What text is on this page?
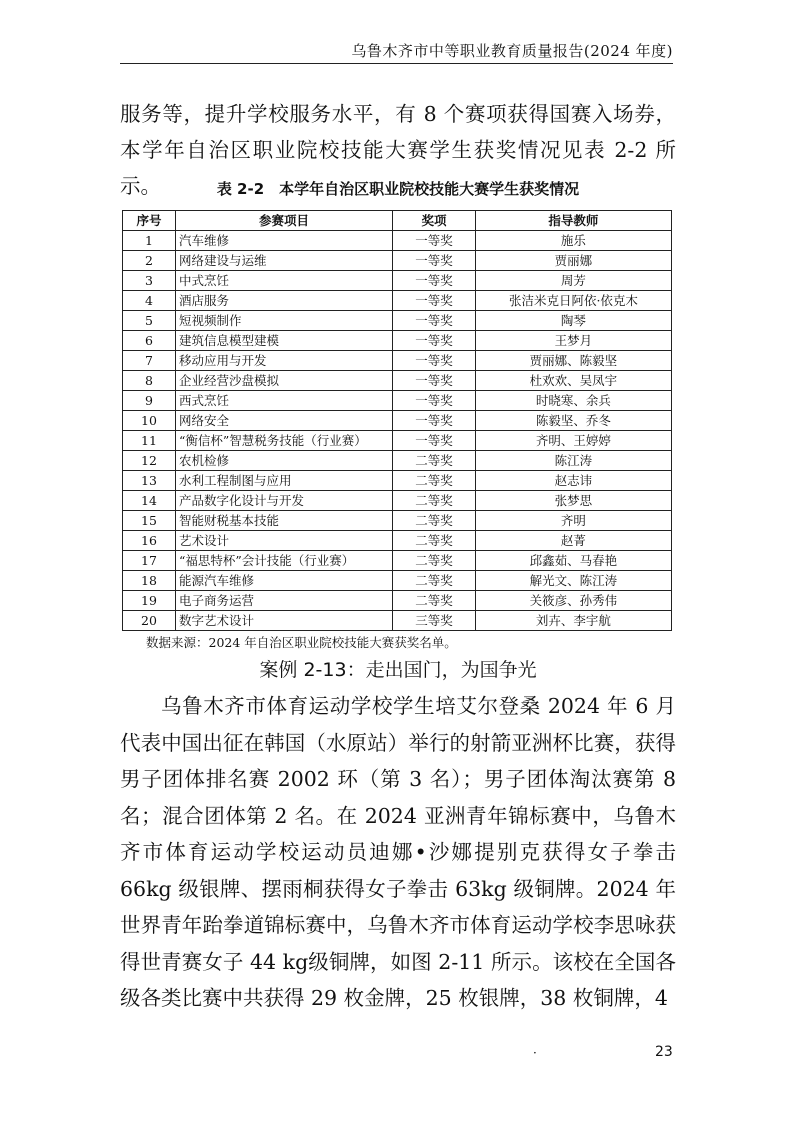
乌鲁木齐市中等职业教育质量报告(2024 年度)

服务等，提升学校服务水平，有 8 个赛项获得国赛入场券，本学年自治区职业院校技能大赛学生获奖情况见表 2-2 所示。	表 2-2　本学年自治区职业院校技能大赛学生获奖情况
序号	参赛项目	奖项	指导教师
1	汽车维修	一等奖	施乐
2	网络建设与运维	一等奖	贾丽娜
3	中式烹饪	一等奖	周芳
4	酒店服务	一等奖	张洁米克日阿依·依克木
5	短视频制作	一等奖	陶琴
6	建筑信息模型建模	一等奖	王梦月
7	移动应用与开发	一等奖	贾丽娜、陈毅坚
8	企业经营沙盘模拟	一等奖	杜欢欢、吴凤宇
9	西式烹饪	一等奖	时晓寒、余兵
10	网络安全	一等奖	陈毅坚、乔冬
11	“衡信杯”智慧税务技能（行业赛）	一等奖	齐明、王婷婷
12	农机检修	二等奖	陈江涛
13	水利工程制图与应用	二等奖	赵志讳
14	产品数字化设计与开发	二等奖	张梦思
15	智能财税基本技能	二等奖	齐明
16	艺术设计	二等奖	赵菁
17	“福思特杯”会计技能（行业赛）	二等奖	邱鑫茹、马春艳
18	能源汽车维修	二等奖	解光文、陈江涛
19	电子商务运营	二等奖	关筱彦、孙秀伟
20	数字艺术设计	三等奖	刘卉、李宇航
数据来源：2024 年自治区职业院校技能大赛获奖名单。
案例 2-13：走出国门，为国争光

乌鲁木齐市体育运动学校学生培艾尔登桑 2024 年 6 月代表中国出征在韩国（水原站）举行的射箭亚洲杯比赛，获得男子团体排名赛 2002 环（第 3 名）；男子团体淘汰赛第 8 名；混合团体第 2 名。在 2024 亚洲青年锦标赛中，乌鲁木齐市体育运动学校运动员迪娜•沙娜提别克获得女子拳击 66kg 级银牌、摆雨桐获得女子拳击 63kg 级铜牌。2024 年世界青年跆拳道锦标赛中，乌鲁木齐市体育运动学校李思咏获得世青赛女子 44 kg级铜牌，如图 2-11 所示。该校在全国各级各类比赛中共获得 29 枚金牌，25 枚银牌，38 枚铜牌，4

·	23
